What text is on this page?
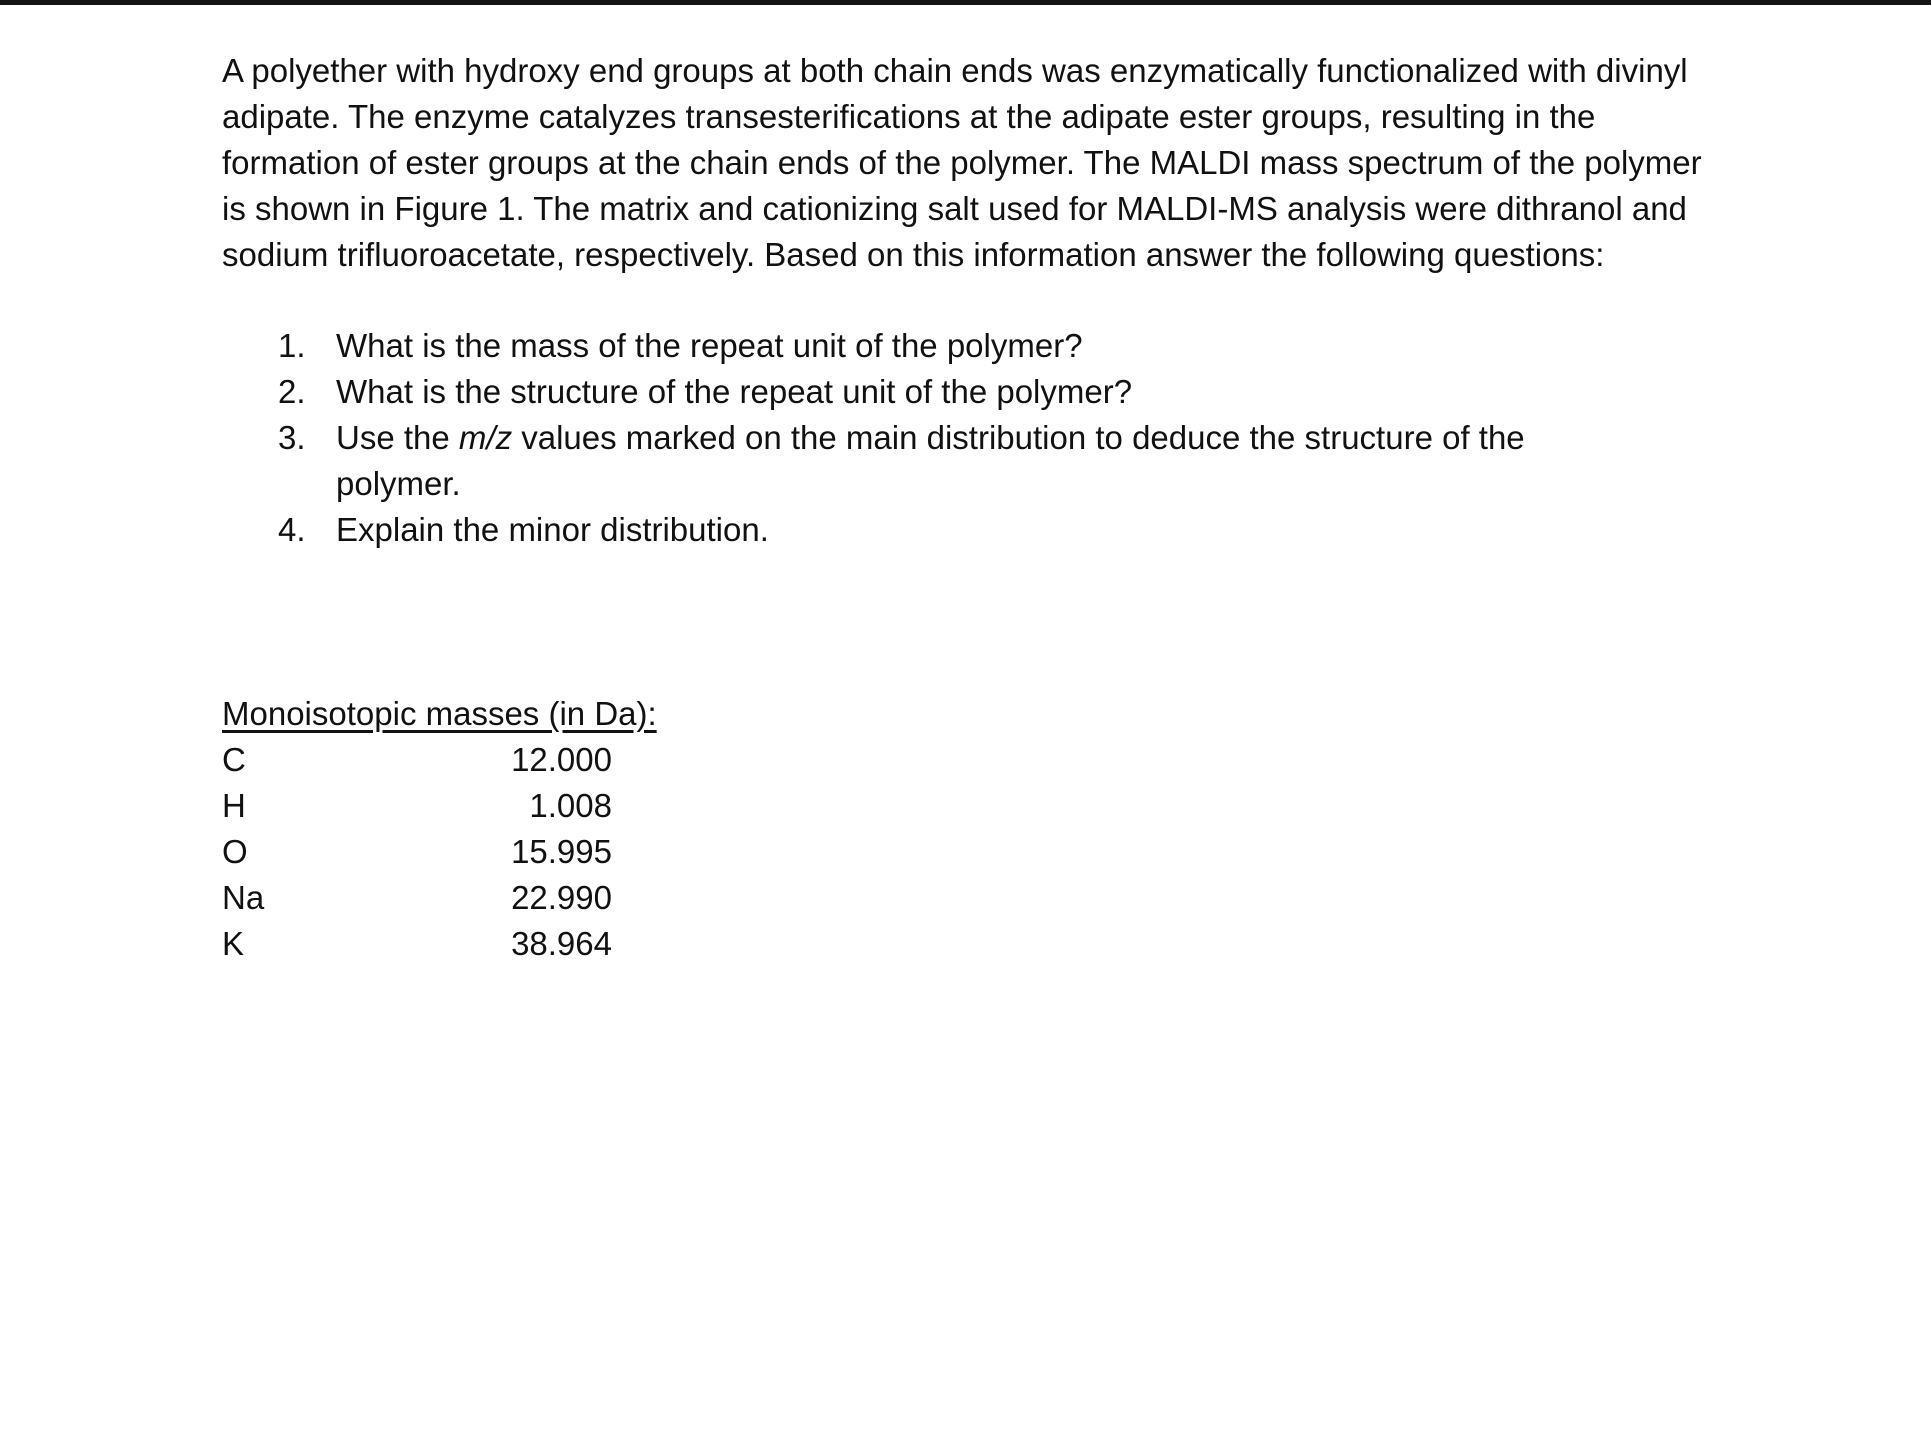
A polyether with hydroxy end groups at both chain ends was enzymatically functionalized with divinyl adipate. The enzyme catalyzes transesterifications at the adipate ester groups, resulting in the formation of ester groups at the chain ends of the polymer. The MALDI mass spectrum of the polymer is shown in Figure 1. The matrix and cationizing salt used for MALDI-MS analysis were dithranol and sodium trifluoroacetate, respectively. Based on this information answer the following questions:

1. What is the mass of the repeat unit of the polymer?
2. What is the structure of the repeat unit of the polymer?
3. Use the m/z values marked on the main distribution to deduce the structure of the polymer.
4. Explain the minor distribution.
Monoisotopic masses (in Da):
C	12.000
H	1.008
O	15.995
Na	22.990
K	38.964
